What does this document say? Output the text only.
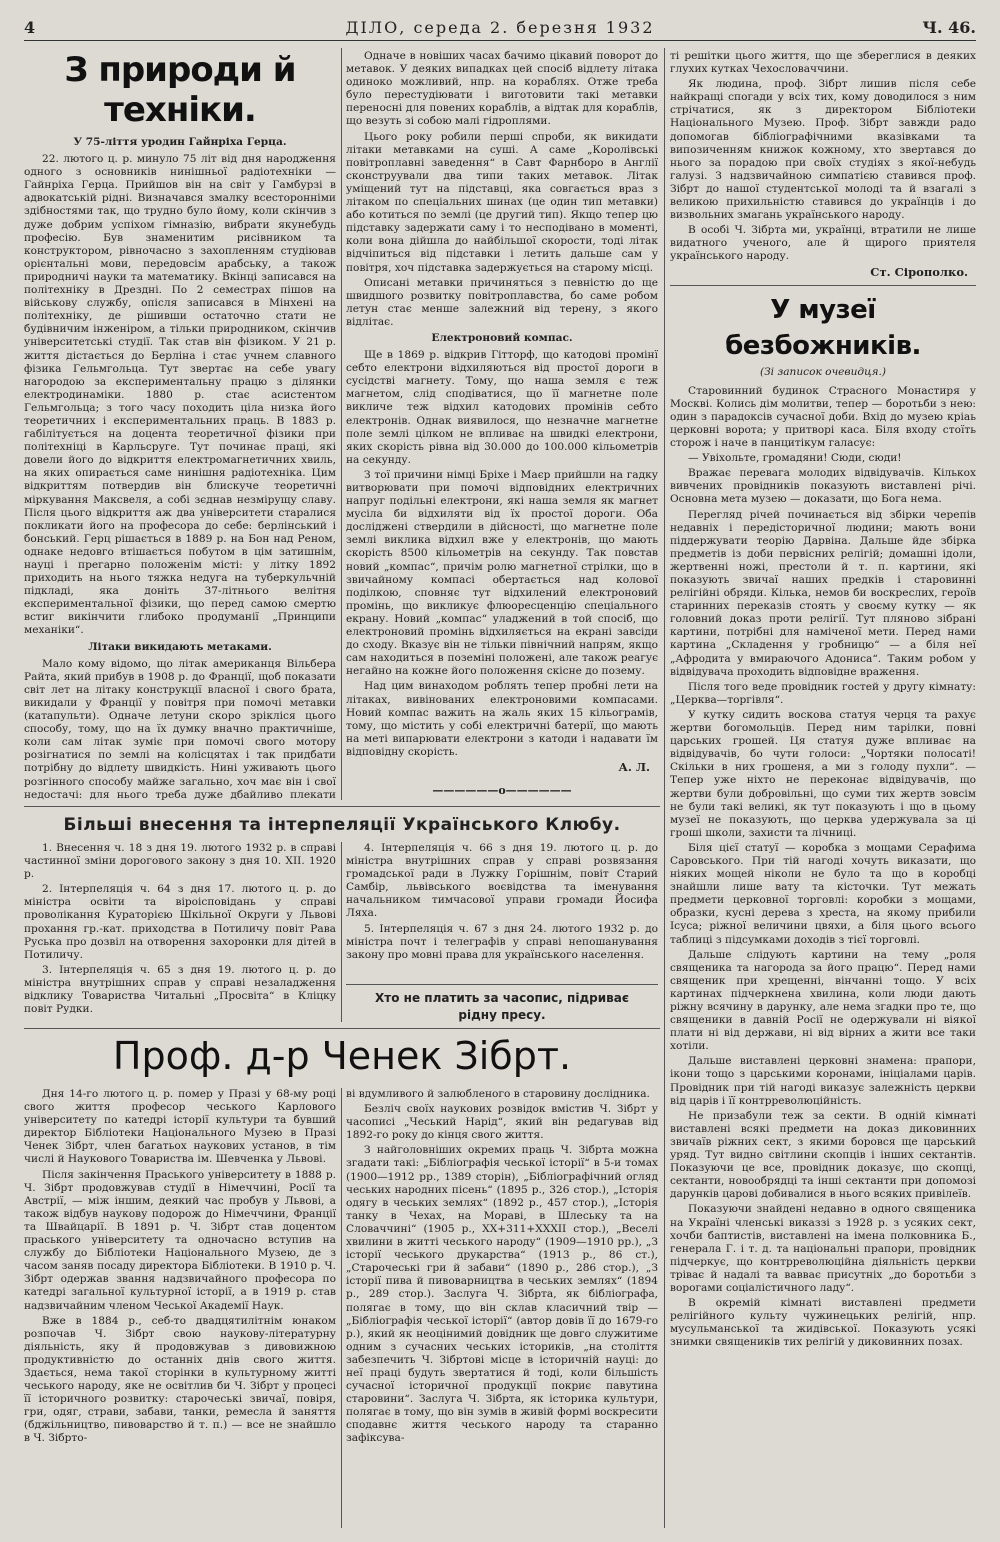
4	ДІЛО, середа 2. березня 1932	Ч. 46.
З природи й техніки.
У 75-ліття уродин Гайнріха Герца.

22. лютого ц. р. минуло 75 літ від дня народження одного з основників нинішньої радіотехніки — Гайнріха Герца. Прийшов він на світ у Гамбурзі в адвокатській рідні. Визначався змалку всесторонніми здібностями так, що трудно було йому, коли скінчив з дуже добрим успіхом гімназію, вибрати якунебудь професію. Був знаменитим рисівником та конструктором, рівночасно з захопленням студіював орієнтальні мови, передовсім арабську, а також природничі науки та математику. Вкінці записався на політехніку в Дрездні. По 2 семестрах пішов на військову службу, опісля записався в Мінхені на політехніку, де рішивши остаточно стати не будівничим інженіром, а тільки природником, скінчив університетські студії. Так став він фізиком. У 21 р. життя дістається до Берліна і стає учнем славного фізика Гельмгольца. Тут звертає на себе увагу нагородою за експериментальну працю з ділянки електродинаміки. 1880 р. стає асистентом Гельмгольца; з того часу походить ціла низка його теоретичних і експериментальних праць. В 1883 р. габілітується на доцента теоретичної фізики при політехніці в Карльсруге. Тут починає праці, які довели його до відкриття електромагнетичних хвиль, на яких опирається саме нинішня радіотехніка. Цим відкриттям потвердив він блискуче теоретичні міркування Максвеля, а собі зєднав незмірущу славу. Після цього відкриття аж два університети старалися покликати його на професора до себе: берлінський і бонський. Герц рішається в 1889 р. на Бон над Реном, однаке недовго втішається побутом в цім затишнім, науці і прегарно положенім місті: у літку 1892 приходить на нього тяжка недуга на туберкульчній підкладі, яка доніть 37-літнього велітня експериментальної фізики, що перед самою смертю встиг викінчити глибоко продуманії „Принципи механіки“.

Літаки викидають метаками.

Мало кому відомо, що літак американця Вільбера Райта, який прибув в 1908 р. до Франції, щоб показати світ лет на літаку конструкції власної і свого брата, викидали у Франції у повітря при помочі метавки (катапульти). Одначе летуни скоро зрікліся цього способу, тому, що на їх думку вначно практичніше, коли сам літак зуміє при помочі свого мотору розігнатися по землі на колісцятах і так придбати потрібну до відлету швидкість. Нині уживають цього розгінного способу майже загально, хоч має він і свої недостачі: для нього треба дуже дбайливо плекати

Одначе в новіших часах бачимо цікавий поворот до метавок. У деяких випадках цей спосіб відлету літака одиноко можливий, нпр. на кораблях. Отже треба було перестудіювати і виготовити такі метавки переносні для повених кораблів, а відтак для кораблів, що везуть зі собою малі гідроплями.

Цього року робили перші спроби, як викидати літаки метавками на суші. А саме „Королівські повітроплавні заведення“ в Савт Фарнборо в Англії сконструували два типи таких метавок. Літак уміщений тут на підставці, яка совгається враз з літаком по спеціальних шинах (це один тип метавки) або котиться по землі (це другий тип). Якщо тепер цю підставку задержати саму і то несподівано в моменті, коли вона дійшла до найбільшої скорости, тоді літак відчіпиться від підставки і летить дальше сам у повітря, хоч підставка задержується на старому місці.

Описані метавки причиняться з певністю до ще швидшого розвитку повітроплавства, бо саме робом летун стає менше залежний від терену, з якого відлітає.

Електроновий компас.

Ще в 1869 р. відкрив Гітторф, що катодові промінї себто електрони відхиляються від простої дороги в сусідстві магнету. Тому, що наша земля є теж магнетом, слід сподіватися, що її магнетне поле викличе теж відхил катодових промінів себто електронів. Однак виявилося, що незначне магнетне поле землі цілком не впливає на швидкі електрони, яких скорість рівна від 30.000 до 100.000 кільометрів на секунду.

З тої причини німці Бріхе і Маєр прийшли на гадку витворювати при помочі відповідних електричних напруг подільні електрони, які наша земля як магнет мусіла би відхиляти від їх простої дороги. Оба досліджені ствердили в дійсності, що магнетне поле землі виклика відхил вже у електронів, що мають скорість 8500 кільометрів на секунду. Так повстав новий „компас“, причім ролю магнетної стрілки, що в звичайному компасі обертається над колової поділкою, сповняє тут відхилений електроновий промінь, що викликує флюоресценцію спеціального екрану. Новий „компас“ уладжений в той спосіб, що електроновий промінь відхиляється на екрані завсіди до сходу. Вказує він не тільки північний напрям, якщо сам находиться в поземіні положені, але також реагує негайно на кожне його положення скісне до позему.

Над цим винаходом роблять тепер пробні лети на літаках, вивінованих електроновими компасами. Новий компас важить на жаль яких 15 кільограмів, тому, що містить у собі електричні батерії, що мають на меті випарювати електрони з катоди і надавати їм відповідну скорість.

А. Л.
——————o——————

ті решітки цього життя, що ще збереглися в деяких глухих кутках Чехословаччини.

Як людина, проф. Зібрт лишив після себе найкращі спогади у всіх тих, кому доводилося з ним стрічатися, як з директором Бібліотеки Національного Музею. Проф. Зібрт завжди радо допомогав бібліографічними вказівками та випозиченням книжок кожному, хто звертався до нього за порадою при своїх студіях з якої-небудь галузі. З надзвичайною симпатією ставився проф. Зібрт до нашої студентської молоді та й взагалі з великою прихильністю ставився до українців і до визвольних змагань українського народу.

В особі Ч. Зібрта ми, українці, втратили не лише видатного ученого, але й щирого приятеля українського народу.

Ст. Сірополко.
У музеї безбожників.
(Зі записок очевидця.)

Старовинний будинок Страсного Монастиря у Москві. Колись дім молитви, тепер — боротьби з нею: один з парадоксів сучасної доби. Вхід до музею кріаь церковні ворота; у притворі каса. Біля входу стоїть сторож і наче в панцитікум галасує:

— Увіхольте, громадяни! Сюди, сюди!

Вражає перевага молодих відвідувачів. Кількох вивчених провідників показують виставлені річі. Основна мета музею — доказати, що Бога нема.

Перегляд річей починається від збірки черепів недавніх і передісторичної людини; мають вони піддержувати теорію Дарвіна. Дальше йде збірка предметів із доби первісних релігій; домашні ідоли, жертвенні ножі, престоли й т. п. картини, які показують звичаї наших предків і старовинні релігійні обряди. Кілька, немов би воскреслих, героїв старинних переказів стоять у своєму кутку — як головний доказ проти релігії. Тут пляново зібрані картини, потрібні для наміченої мети. Перед нами картина „Складення у гробницю“ — а біля неї „Афродита у вмираючого Адониса“. Таким робом у відвідувача проходить відповідне враження.

Після того веде провідник гостей у другу кімнату: „Церква—торгівля“.

У кутку сидить воскова статуя черця та рахує жертви богомольців. Перед ним тарілки, повні царських грошей. Ця статуя дуже впливає на відвідувачів, бо чути голоси: „Чортяки полосаті! Скільки в них грошеня, а ми з голоду пухли“. — Тепер уже ніхто не переконає відвідувачів, що жертви були добровільні, що суми тих жертв зовсім не були такі великі, як тут показують і що в цьому музеї не показують, що церква удержувала за ці гроші школи, захисти та лічниці.

Біля цієї статуї — коробка з мощами Серафима Саровського. При тій нагоді хочуть виказати, що ніяких мощей ніколи не було та що в коробці знайшли лише вату та кісточки. Тут межать предмети церковної торговлі: коробки з мощами, образки, кусні дерева з хреста, на якому прибили Ісуса; ріжної величини цвяхи, а біля цього всього таблиці з підсумками доходів з тієї торговлі.

Дальше слідують картини на тему „роля священика та нагорода за його працю“. Перед нами священик при хрещенні, вінчанні тощо. У всіх картинах підчеркнена хвилина, коли люди дають ріжну всячину в дарунку, але нема згадки про те, що священики в давній Росії не одержували ні віякої плати ні від держави, ні від вірних а жити все таки хотіли.

Дальше виставлені церковні знамена: прапори, ікони тощо з царськими коронами, ініціалами царів. Провідник при тій нагоді виказує залежність церкви від царів і її контрреволюційність.

Не призабули теж за секти. В одній кімнаті виставлені всякі предмети на доказ диковинних звичаїв ріжних сект, з якими боровся ще царський уряд. Тут видно світлини скопців і інших сектантів. Показуючи це все, провідник доказує, що скопці, сектанти, новообрядці та інші сектанти при допомозі дарунків царові добивалися в нього всяких привілеїв.

Показуючи знайдені недавно в одного священика на Україні членські виказзі з 1928 р. з усяких сект, хочби баптистів, виставлені на імена полковника Б., генерала Г. і т. д. та національні прапори, провідник підчеркує, що контрреволюційна діяльність церкви тріває й надалі та вавває присутніх „до боротьби з ворогами соціалістичного ладу“.

В окремій кімнаті виставлені предмети релігійного культу чужинецьких релігій, нпр. мусульманської та жидівської. Показують усякі знимки священиків тих релігій у диковинних позах.

Більші внесення та інтерпеляції Українського Клюбу.

1. Внесення ч. 18 з дня 19. лютого 1932 р. в справі частинної зміни дорогового закону з дня 10. XII. 1920 р.

2. Інтерпеляція ч. 64 з дня 17. лютого ц. р. до міністра освіти та віроісповідань у справі проволікання Кураторією Шкільної Округи у Львові прохання гр.-кат. приходства в Потиличу повіт Рава Руська про дозвіл на отворення захоронки для дітей в Потиличу.

3. Інтерпеляція ч. 65 з дня 19. лютого ц. р. до міністра внутрішних справ у справі незаладження відклику Товариства Читальні „Просвіта“ в Кліцку повіт Рудки.

4. Інтерпеляція ч. 66 з дня 19. лютого ц. р. до міністра внутрішних справ у справі розвязання громадської ради в Лужку Горішнім, повіт Старий Самбір, львівського воєвідства та іменування начальником тимчасової управи громади Йосифа Ляха.

5. Інтерпеляція ч. 67 з дня 24. лютого 1932 р. до міністра почт і телеграфів у справі непошанування закону про мовні права для українського населення.

Хто не платить за часопис, підриває рідну пресу.
Проф. д-р Ченек Зібрт.

Дня 14-го лютого ц. р. помер у Празі у 68-му році свого життя професор чеського Карлового університету по катедрі історії культури та бувший директор Бібліотеки Національного Музею в Празі Ченек Зібрт, член багатьох наукових установ, в тім числі й Наукового Товариства ім. Шевченка у Львові.

Після закінчення Праського університету в 1888 р. Ч. Зібрт продовжував студії в Німеччині, Росії та Австрії, — між іншим, деякий час пробув у Львові, а також відбув наукову подорож до Німеччини, Франції та Швайцарії. В 1891 р. Ч. Зібрт став доцентом праського університету та одночасно вступив на службу до Бібліотеки Національного Музею, де з часом заняв посаду директора Бібліотеки. В 1910 р. Ч. Зібрт одержав звання надзвичайного професора по катедрі загальної культурної історії, а в 1919 р. став надзвичайним членом Чеської Академії Наук.

Вже в 1884 р., себ-то двадцятилітнім юнаком розпочав Ч. Зібрт свою наукову-літературну діяльність, яку й продовжував з дивовижною продуктивністю до останніх днів свого життя. Здається, нема такої сторінки в культурному житті чеського народу, яке не освітлив би Ч. Зібрт у процесі її історичного розвитку: старочеські звичаї, повіря, гри, одяг, страви, забави, танки, ремесла й заняття (бджільництво, пивоварство й т. п.) — все не знайшло в Ч. Зібрто-

ві вдумливого й залюбленого в старовину дослідника.

Безліч своїх наукових розвідок вмістив Ч. Зібрт у часописі „Чеський Нарід“, який він редагував від 1892-го року до кінця свого життя.

З найголовніших окремих праць Ч. Зібрта можна згадати такі: „Бібліографія чеської історії“ в 5-и томах (1900—1912 рр., 1389 сторін), „Бібліографічний огляд чеських народних пісень“ (1895 р., 326 стор.), „Історія одягу в чеських землях“ (1892 р., 457 стор.), „Історія танку в Чехах, на Мораві, в Шлеську та на Словаччині“ (1905 р., XX+311+XXXII стор.), „Веселі хвилини в житті чеського народу“ (1909—1910 рр.), „З історії чеського друкарства“ (1913 р., 86 ст.), „Старочеські гри й забави“ (1890 р., 286 стор.), „З історії пива й пивоварництва в чеських землях“ (1894 р., 289 стор.). Заслуга Ч. Зібрта, як бібліографа, полягає в тому, що він склав класичний твір — „Бібліографія чеської історії“ (автор довів її до 1679-го р.), який як неоцінимий довідник ще довго служитиме одним з сучасних чеських істориків, „на століття забезпечить Ч. Зібртові місце в історичній науці: до неї праці будуть звертатися й тоді, коли більшість сучасної історичної продукції покриє павутина старовини“. Заслуга Ч. Зібрта, як історика культури, полягає в тому, що він зумів в живій формі воскресити сподавнє життя чеського народу та старанно зафіксува-
